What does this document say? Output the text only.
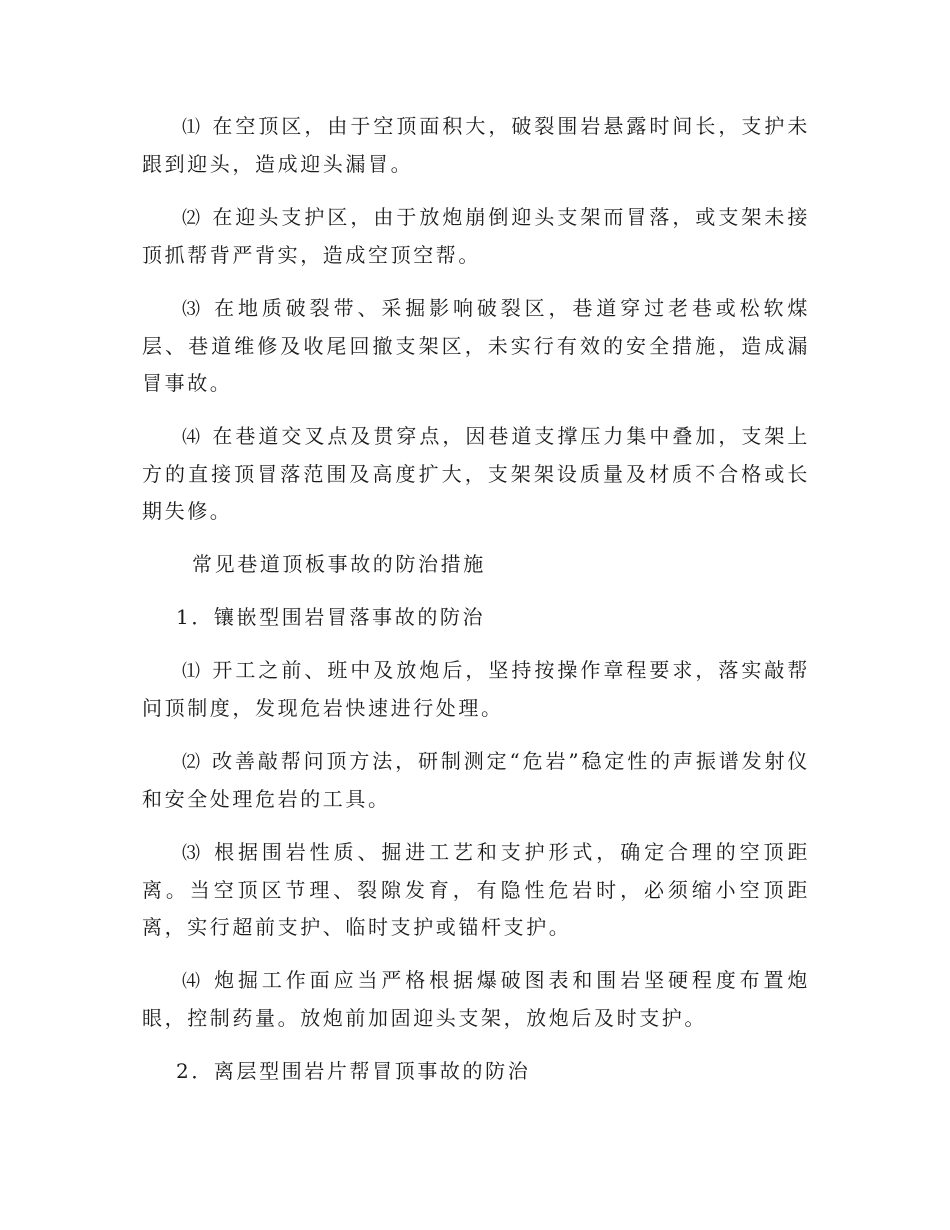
⑴ 在空顶区，由于空顶面积大，破裂围岩悬露时间长，支护未跟到迎头，造成迎头漏冒。

⑵ 在迎头支护区，由于放炮崩倒迎头支架而冒落，或支架未接顶抓帮背严背实，造成空顶空帮。

⑶ 在地质破裂带、采掘影响破裂区，巷道穿过老巷或松软煤层、巷道维修及收尾回撤支架区，未实行有效的安全措施，造成漏冒事故。

⑷ 在巷道交叉点及贯穿点，因巷道支撑压力集中叠加，支架上方的直接顶冒落范围及高度扩大，支架架设质量及材质不合格或长期失修。

常见巷道顶板事故的防治措施

1．镶嵌型围岩冒落事故的防治

⑴ 开工之前、班中及放炮后，坚持按操作章程要求，落实敲帮问顶制度，发现危岩快速进行处理。

⑵ 改善敲帮问顶方法，研制测定“危岩”稳定性的声振谱发射仪和安全处理危岩的工具。

⑶ 根据围岩性质、掘进工艺和支护形式，确定合理的空顶距离。当空顶区节理、裂隙发育，有隐性危岩时，必须缩小空顶距离，实行超前支护、临时支护或锚杆支护。

⑷ 炮掘工作面应当严格根据爆破图表和围岩坚硬程度布置炮眼，控制药量。放炮前加固迎头支架，放炮后及时支护。

2．离层型围岩片帮冒顶事故的防治
